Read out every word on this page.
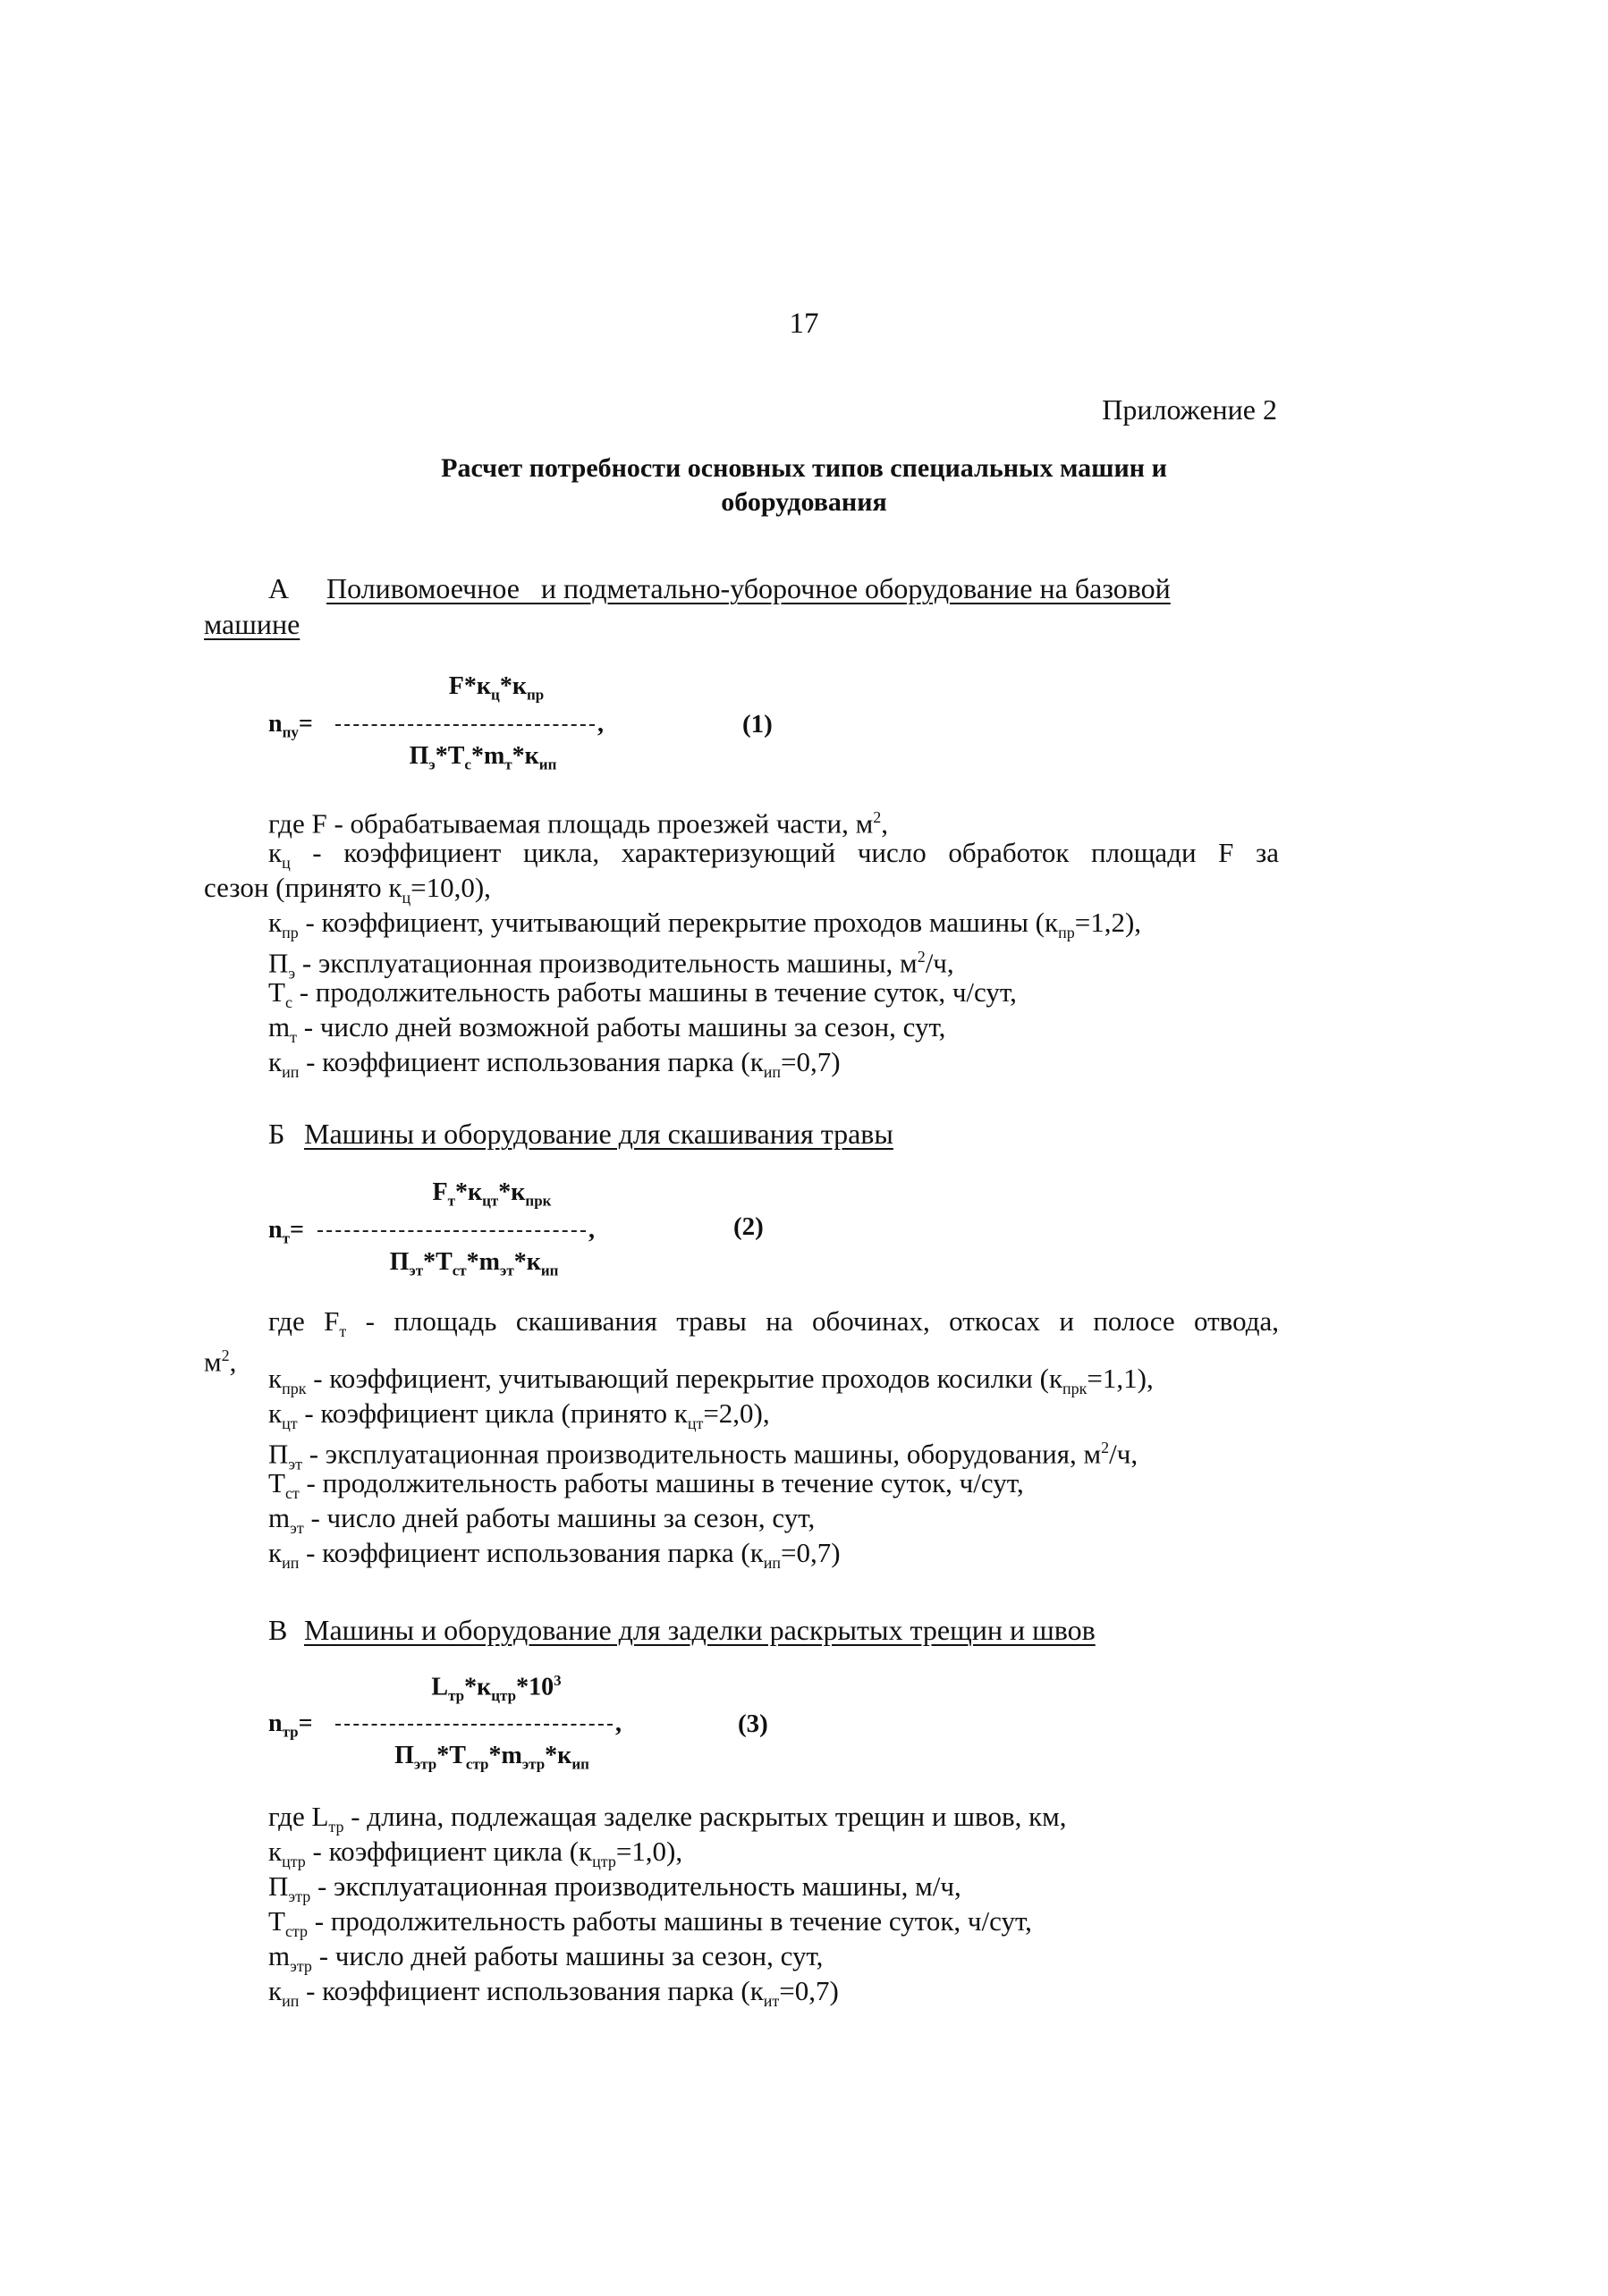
17
Приложение 2
Расчет потребности основных типов специальных машин и
оборудования
А Поливомоечное   и подметально-уборочное оборудование на базовой
машине
$n_{пу}=$
$F*к_ц*к_{пр}$
,
$П_э*T_с*m_т*к_{ип}$
(1)
где F - обрабатываемая площадь проезжей части, $м^2$,
$к_ц$ - коэффициент цикла, характеризующий число обработок площади F за
сезон (принято $к_ц=10,0$),
$к_{пр}$ - коэффициент, учитывающий перекрытие проходов машины $(к_{пр}=1,2)$,
$П_э$ - эксплуатационная производительность машины, $м^2/ч$,
$T_с$ - продолжительность работы машины в течение суток, ч/сут,
$m_т$ - число дней возможной работы машины за сезон, сут,
$к_{ип}$ - коэффициент использования парка $(к_{ип}=0,7)$
Б Машины и оборудование для скашивания травы
$n_т=$
$F_т*к_{цт}*к_{прк}$
,
$П_{эт}*T_{ст}*m_{эт}*к_{ип}$
(2)
где $F_т$ - площадь скашивания травы на обочинах, откосах и полосе отвода,
$м^2$,
$к_{прк}$ - коэффициент, учитывающий перекрытие проходов косилки $(к_{прк}=1,1)$,
$к_{цт}$ - коэффициент цикла (принято $к_{цт}=2,0$),
$П_{эт}$ - эксплуатационная производительность машины, оборудования, $м^2/ч$,
$T_{ст}$ - продолжительность работы машины в течение суток, ч/сут,
$m_{эт}$ - число дней работы машины за сезон, сут,
$к_{ип}$ - коэффициент использования парка $(к_{ип}=0,7)$
В Машины и оборудование для заделки раскрытых трещин и швов
$n_{тр}=$
$L_{тр}*к_{цтр}*10^3$
,
$П_{этр}*T_{стр}*m_{этр}*к_{ип}$
(3)
где $L_{тр}$ - длина, подлежащая заделке раскрытых трещин и швов, км,
$к_{цтр}$ - коэффициент цикла $(к_{цтр}=1,0)$,
$П_{этр}$ - эксплуатационная производительность машины, м/ч,
$T_{стр}$ - продолжительность работы машины в течение суток, ч/сут,
$m_{этр}$ - число дней работы машины за сезон, сут,
$к_{ип}$ - коэффициент использования парка $(к_{ит}=0,7)$
